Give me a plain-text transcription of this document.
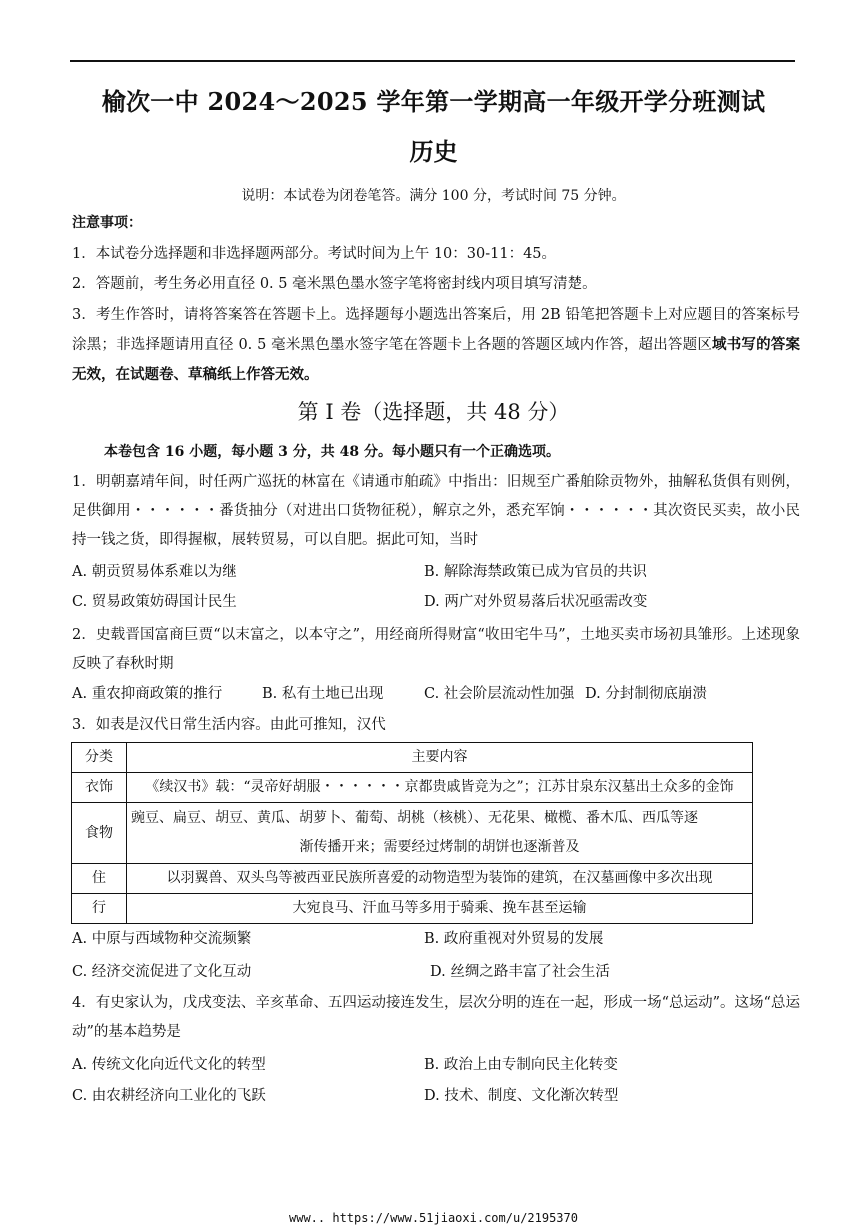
榆次一中 2024～2025 学年第一学期高一年级开学分班测试
历史
说明：本试卷为闭卷笔答。满分 100 分，考试时间 75 分钟。
注意事项：

1．本试卷分选择题和非选择题两部分。考试时间为上午 10：30-11：45。

2．答题前，考生务必用直径 0. 5 毫米黑色墨水签字笔将密封线内项目填写清楚。

3．考生作答时，请将答案答在答题卡上。选择题每小题选出答案后，用 2B 铅笔把答题卡上对应题目的答案标号涂黑；非选择题请用直径 0. 5 毫米黑色墨水签字笔在答题卡上各题的答题区域内作答，超出答题区域书写的答案无效，在试题卷、草稿纸上作答无效。

第 I 卷（选择题，共 48 分）
本卷包含 16 小题，每小题 3 分，共 48 分。每小题只有一个正确选项。

1．明朝嘉靖年间，时任两广巡抚的林富在《请通市舶疏》中指出：旧规至广番舶除贡物外，抽解私货俱有则例，足供御用・・・・・・番货抽分（对进出口货物征税），解京之外，悉充军饷・・・・・・其次资民买卖，故小民持一钱之货，即得握椒，展转贸易，可以自肥。据此可知，当时

A. 朝贡贸易体系难以为继	B. 解除海禁政策已成为官员的共识
C. 贸易政策妨碍国计民生	D. 两广对外贸易落后状况亟需改变

2．史载晋国富商巨贾“以末富之，以本守之”，用经商所得财富“收田宅牛马”，土地买卖市场初具雏形。上述现象反映了春秋时期

A. 重农抑商政策的推行	B. 私有土地已出现	C. 社会阶层流动性加强 D. 分封制彻底崩溃
3．如表是汉代日常生活内容。由此可推知，汉代
分类	主要内容
衣饰	《续汉书》载：“灵帝好胡服・・・・・・京都贵戚皆竞为之”；江苏甘泉东汉墓出土众多的金饰
食物	豌豆、扁豆、胡豆、黄瓜、胡萝卜、葡萄、胡桃（核桃）、无花果、橄榄、番木瓜、西瓜等逐
渐传播开来；需要经过烤制的胡饼也逐渐普及

住	以羽翼兽、双头鸟等被西亚民族所喜爱的动物造型为装饰的建筑，在汉墓画像中多次出现
行	大宛良马、汗血马等多用于骑乘、挽车甚至运输
A. 中原与西域物种交流频繁	B. 政府重视对外贸易的发展
C. 经济交流促进了文化互动	D. 丝绸之路丰富了社会生活

4．有史家认为，戊戌变法、辛亥革命、五四运动接连发生，层次分明的连在一起，形成一场“总运动”。这场“总运动”的基本趋势是

A. 传统文化向近代文化的转型	B. 政治上由专制向民主化转变
C. 由农耕经济向工业化的飞跃	D. 技术、制度、文化渐次转型
www.. https://www.51jiaoxi.com/u/2195370
